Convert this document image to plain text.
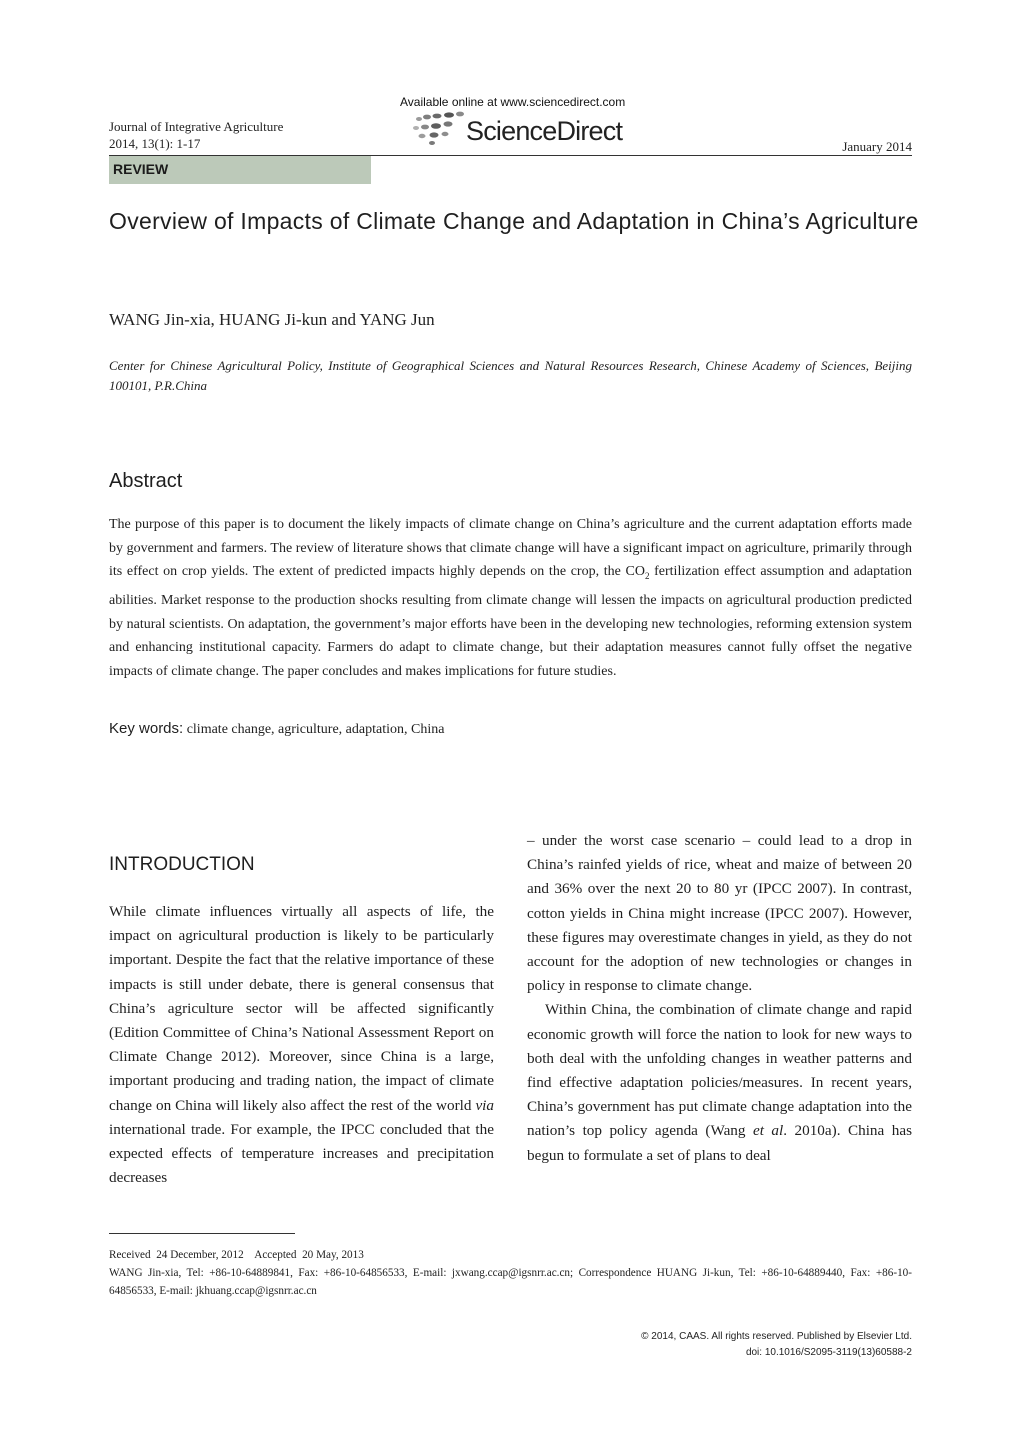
Journal of Integrative Agriculture
2014, 13(1): 1-17
Available online at www.sciencedirect.com
ScienceDirect
January 2014
REVIEW
Overview of Impacts of Climate Change and Adaptation in China’s Agriculture
WANG Jin-xia, HUANG Ji-kun and YANG Jun
Center for Chinese Agricultural Policy, Institute of Geographical Sciences and Natural Resources Research, Chinese Academy of Sciences, Beijing 100101, P.R.China
Abstract

The purpose of this paper is to document the likely impacts of climate change on China’s agriculture and the current adaptation efforts made by government and farmers. The review of literature shows that climate change will have a significant impact on agriculture, primarily through its effect on crop yields. The extent of predicted impacts highly depends on the crop, the $CO_2$ fertilization effect assumption and adaptation abilities. Market response to the production shocks resulting from climate change will lessen the impacts on agricultural production predicted by natural scientists. On adaptation, the government’s major efforts have been in the developing new technologies, reforming extension system and enhancing institutional capacity. Farmers do adapt to climate change, but their adaptation measures cannot fully offset the negative impacts of climate change. The paper concludes and makes implications for future studies.

Key words: climate change, agriculture, adaptation, China
INTRODUCTION

While climate influences virtually all aspects of life, the impact on agricultural production is likely to be particularly important. Despite the fact that the relative importance of these impacts is still under debate, there is general consensus that China’s agriculture sector will be affected significantly (Edition Committee of China’s National Assessment Report on Climate Change 2012). Moreover, since China is a large, important producing and trading nation, the impact of climate change on China will likely also affect the rest of the world via international trade. For example, the IPCC concluded that the expected effects of temperature increases and precipitation decreases

– under the worst case scenario – could lead to a drop in China’s rainfed yields of rice, wheat and maize of between 20 and 36% over the next 20 to 80 yr (IPCC 2007). In contrast, cotton yields in China might increase (IPCC 2007). However, these figures may overestimate changes in yield, as they do not account for the adoption of new technologies or changes in policy in response to climate change.

Within China, the combination of climate change and rapid economic growth will force the nation to look for new ways to both deal with the unfolding changes in weather patterns and find effective adaptation policies/measures. In recent years, China’s government has put climate change adaptation into the nation’s top policy agenda (Wang et al. 2010a). China has begun to formulate a set of plans to deal

Received  24 December, 2012    Accepted  20 May, 2013
WANG Jin-xia, Tel: +86-10-64889841, Fax: +86-10-64856533, E-mail: jxwang.ccap@igsnrr.ac.cn; Correspondence HUANG Ji-kun, Tel: +86-10-64889440, Fax: +86-10-64856533, E-mail: jkhuang.ccap@igsnrr.ac.cn
© 2014, CAAS. All rights reserved. Published by Elsevier Ltd.
doi: 10.1016/S2095-3119(13)60588-2
